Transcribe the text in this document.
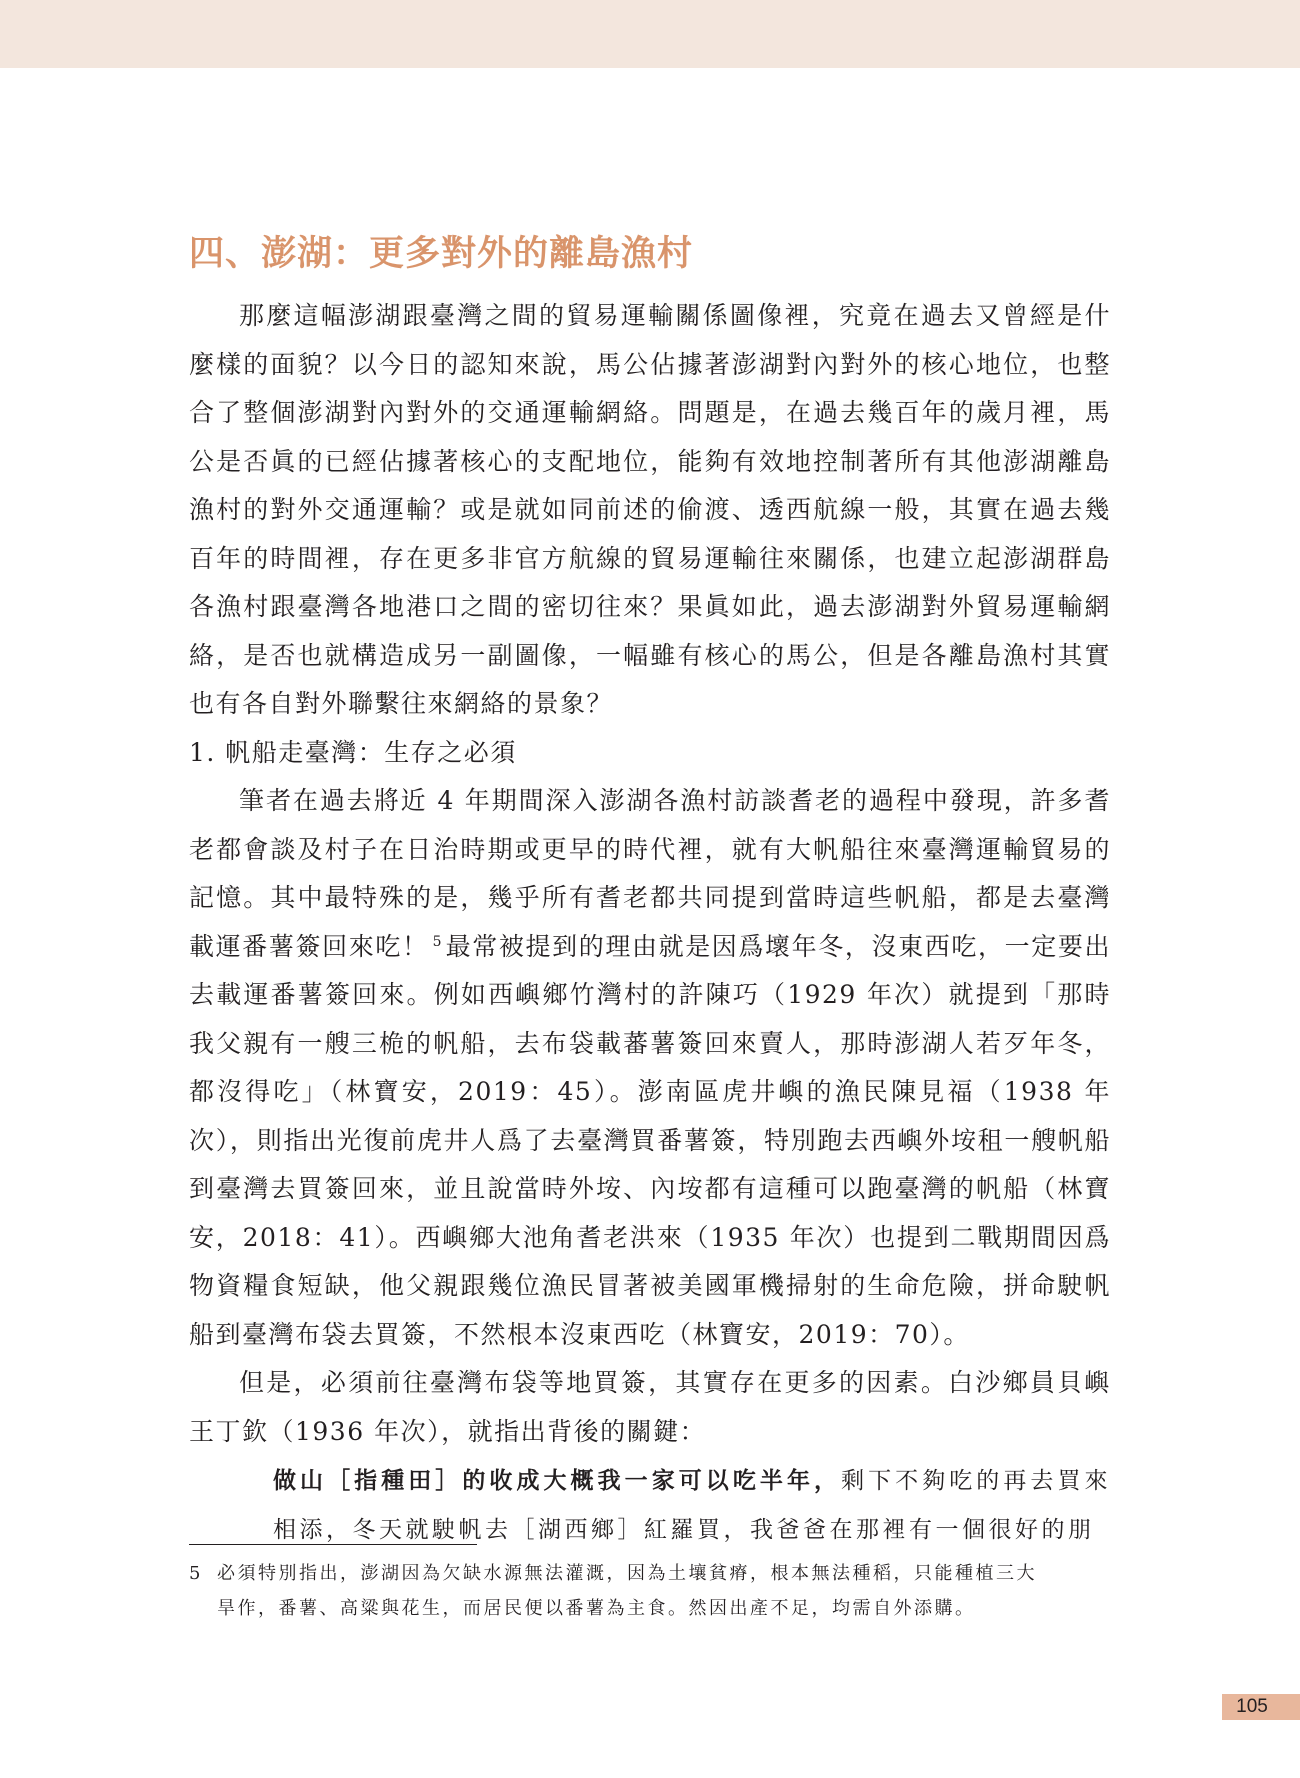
四、澎湖：更多對外的離島漁村

那麼這幅澎湖跟臺灣之間的貿易運輸關係圖像裡，究竟在過去又曾經是什麼樣的面貌？以今日的認知來說，馬公佔據著澎湖對內對外的核心地位，也整合了整個澎湖對內對外的交通運輸網絡。問題是，在過去幾百年的歲月裡，馬公是否眞的已經佔據著核心的支配地位，能夠有效地控制著所有其他澎湖離島漁村的對外交通運輸？或是就如同前述的偷渡、透西航線一般，其實在過去幾百年的時間裡，存在更多非官方航線的貿易運輸往來關係，也建立起澎湖群島各漁村跟臺灣各地港口之間的密切往來？果眞如此，過去澎湖對外貿易運輸網絡，是否也就構造成另一副圖像，一幅雖有核心的馬公，但是各離島漁村其實也有各自對外聯繫往來網絡的景象？

1. 帆船走臺灣：生存之必須

筆者在過去將近 4 年期間深入澎湖各漁村訪談耆老的過程中發現，許多耆老都會談及村子在日治時期或更早的時代裡，就有大帆船往來臺灣運輸貿易的記憶。其中最特殊的是，幾乎所有耆老都共同提到當時這些帆船，都是去臺灣載運番薯簽回來吃！ $^5$ 最常被提到的理由就是因爲壞年冬，沒東西吃，一定要出去載運番薯簽回來。例如西嶼鄉竹灣村的許陳巧（1929 年次）就提到「那時我父親有一艘三桅的帆船，去布袋載蕃薯簽回來賣人，那時澎湖人若歹年冬，都沒得吃」（林寶安，2019：45）。澎南區虎井嶼的漁民陳見福（1938 年次），則指出光復前虎井人爲了去臺灣買番薯簽，特別跑去西嶼外垵租一艘帆船到臺灣去買簽回來，並且說當時外垵、內垵都有這種可以跑臺灣的帆船（林寶安，2018：41）。西嶼鄉大池角耆老洪來（1935 年次）也提到二戰期間因爲物資糧食短缺，他父親跟幾位漁民冒著被美國軍機掃射的生命危險，拼命駛帆船到臺灣布袋去買簽，不然根本沒東西吃（林寶安，2019：70）。

但是，必須前往臺灣布袋等地買簽，其實存在更多的因素。白沙鄉員貝嶼王丁欽（1936 年次），就指出背後的關鍵：

做山［指種田］的收成大概我一家可以吃半年，剩下不夠吃的再去買來相添，冬天就駛帆去［湖西鄉］紅羅買，我爸爸在那裡有一個很好的朋

5 必須特別指出，澎湖因為欠缺水源無法灌溉，因為土壤貧瘠，根本無法種稻，只能種植三大
旱作，番薯、高粱與花生，而居民便以番薯為主食。然因出產不足，均需自外添購。
105
